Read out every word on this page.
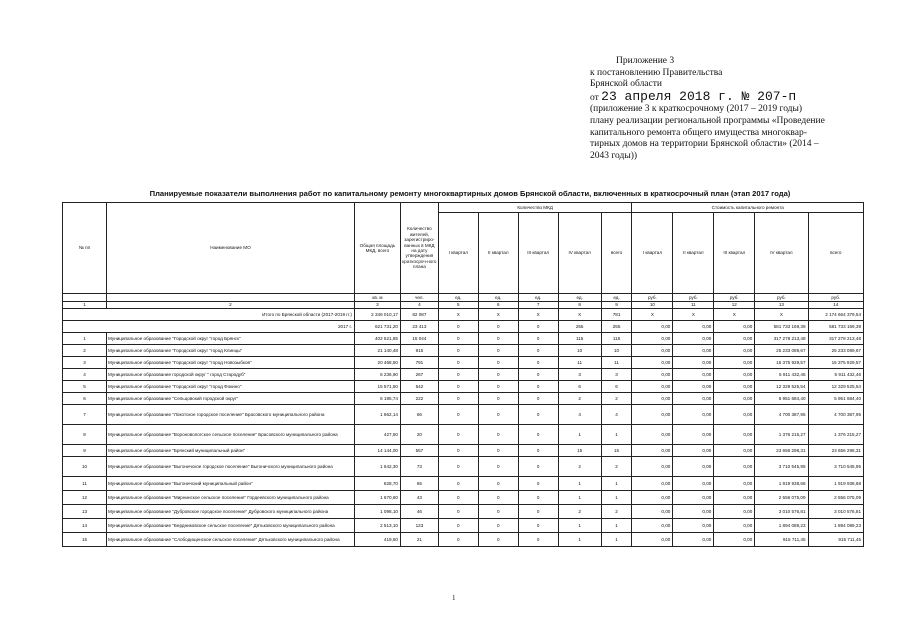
Приложение 3
к постановлению Правительства
Брянской области
от 23 апреля 2018 г. № 207-п
(приложение 3 к краткосрочному (2017 – 2019 годы)
плану реализации региональной программы «Проведение
капитального ремонта общего имущества многоквар-
тирных домов на территории Брянской области» (2014 –
2043 годы))
Планируемые показатели выполнения работ по капитальному ремонту многоквартирных домов Брянской области, включенных в краткосрочный план (этап 2017 года)
№ пп	Наименование МО	Общая площадь МКД, всего	Количество жителей, зарегистриро-ванных в МКД на дату утверждения краткосроч-ного плана	Количество МКД					Стоимость капитального ремонта				
				I квартал	II квартал	III квартал	IV квартал	всего	I квартал	II квартал	III квартал	IV квартал	всего
		кв. м	чел.	ед.	ед.	ед.	ед.	ед.	руб.	руб.	руб.	руб.	руб.
1	2	3	4	5	6	7	8	9	10	11	12	13	14
Итого по Брянской области (2017-2019 гг.)		2 346 010,17	82 087	X	X	X	X	781	X	X	X	X	2 174 664 379,54
2017 г.		621 731,20	23 413	0	0	0	255	255	0,00	0,00	0,00	581 733 169,39	581 733 169,39
1	Муниципальное образование "Городской округ "город Брянск"	402 521,85	15 044	0	0	0	115	115	0,00	0,00	0,00	317 278 213,48	317 278 213,48
2	Муниципальное образование "Городской округ "город Клинцы"	21 140,48	915	0	0	0	10	10	0,00	0,00	0,00	25 233 089,67	25 233 089,67
3	Муниципальное образование "Городской округ "город Новозыбков"	20 468,50	791	0	0	0	11	11	0,00	0,00	0,00	15 375 929,57	15 375 929,57
4	Муниципальное образование городской округ " город Стародуб"	6 236,90	267	0	0	0	3	3	0,00	0,00	0,00	5 911 432,46	5 911 432,46
5	Муниципальное образование "Городской округ "город Фокино"	15 571,50	542	0	0	0	6	6	0,00	0,00	0,00	12 329 525,54	12 329 525,54
6	Муниципальное образование "Сельцовский городской округ"	6 195,74	222	0	0	0	2	2	0,00	0,00	0,00	5 951 684,40	5 951 684,40
7	Муниципальное образование "Локотское городское поселение" Брасовского муниципального района	1 662,14	66	0	0	0	4	4	0,00	0,00	0,00	4 700 387,95	4 700 387,95
8	Муниципальное образование "Вороновологское сельское поселение" Брасовского муниципального района	427,50	20	0	0	0	1	1	0,00	0,00	0,00	1 376 215,27	1 376 215,27
9	Муниципальное образование "Брянский муниципальный район"	14 144,00	557	0	0	0	15	15	0,00	0,00	0,00	23 656 298,31	23 656 298,31
10	Муниципальное образование "Выгоничское городское поселение" Выгоничского муниципального района	1 642,30	73	0	0	0	2	2	0,00	0,00	0,00	3 710 545,95	3 710 545,95
11	Муниципальное образование "Выгоничский муниципальный район"	828,70	65	0	0	0	1	1	0,00	0,00	0,00	1 919 938,68	1 919 938,68
12	Муниципальное образование "Мирнинское сельское поселение" Гордеевского муниципального района	1 670,60	43	0	0	0	1	1	0,00	0,00	0,00	2 556 075,09	2 556 075,09
13	Муниципальное образование "Дубровское городское поселение" Дубровского муниципального района	1 098,10	46	0	0	0	2	2	0,00	0,00	0,00	3 010 576,81	3 010 576,81
14	Муниципальное образование "Бердниковское сельское поселение" Дятьковского муниципального района	2 513,10	123	0	0	0	1	1	0,00	0,00	0,00	1 894 089,23	1 894 089,23
15	Муниципальное образование "Слободищенское сельское поселение" Дятьковского муниципального района	419,50	21	0	0	0	1	1	0,00	0,00	0,00	915 711,45	915 711,45
1
